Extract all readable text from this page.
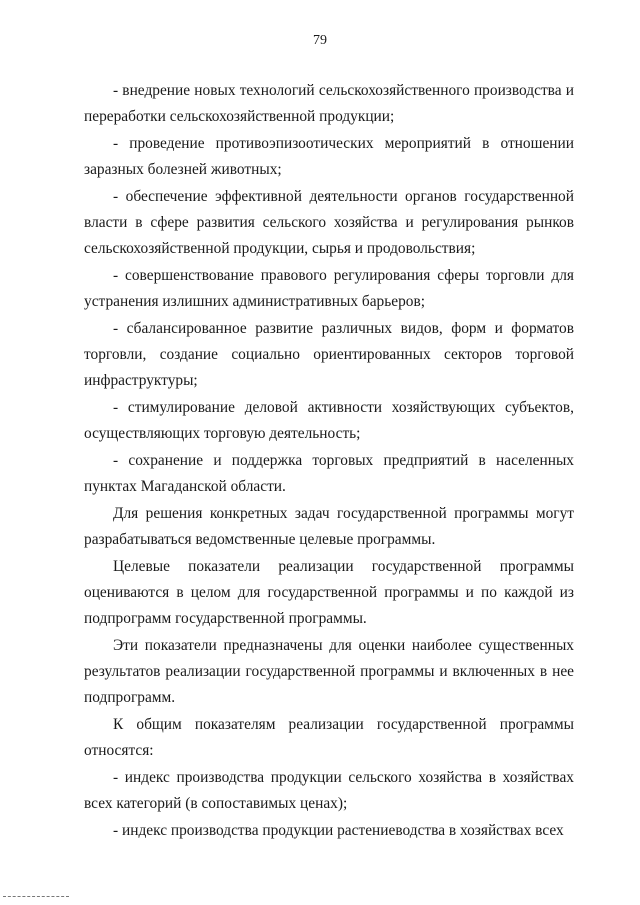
79

- внедрение новых технологий сельскохозяйственного производства и переработки сельскохозяйственной продукции;

- проведение противоэпизоотических мероприятий в отношении заразных болезней животных;

- обеспечение эффективной деятельности органов государственной власти в сфере развития сельского хозяйства и регулирования рынков сельскохозяйственной продукции, сырья и продовольствия;

- совершенствование правового регулирования сферы торговли для устранения излишних административных барьеров;

- сбалансированное развитие различных видов, форм и форматов торговли, создание социально ориентированных секторов торговой инфраструктуры;

- стимулирование деловой активности хозяйствующих субъектов, осуществляющих торговую деятельность;

- сохранение и поддержка торговых предприятий в населенных пунктах Магаданской области.

Для решения конкретных задач государственной программы могут разрабатываться ведомственные целевые программы.

Целевые показатели реализации государственной программы оцениваются в целом для государственной программы и по каждой из подпрограмм государственной программы.

Эти показатели предназначены для оценки наиболее существенных результатов реализации государственной программы и включенных в нее подпрограмм.

К общим показателям реализации государственной программы относятся:

- индекс производства продукции сельского хозяйства в хозяйствах всех категорий (в сопоставимых ценах);

- индекс производства продукции растениеводства в хозяйствах всех
